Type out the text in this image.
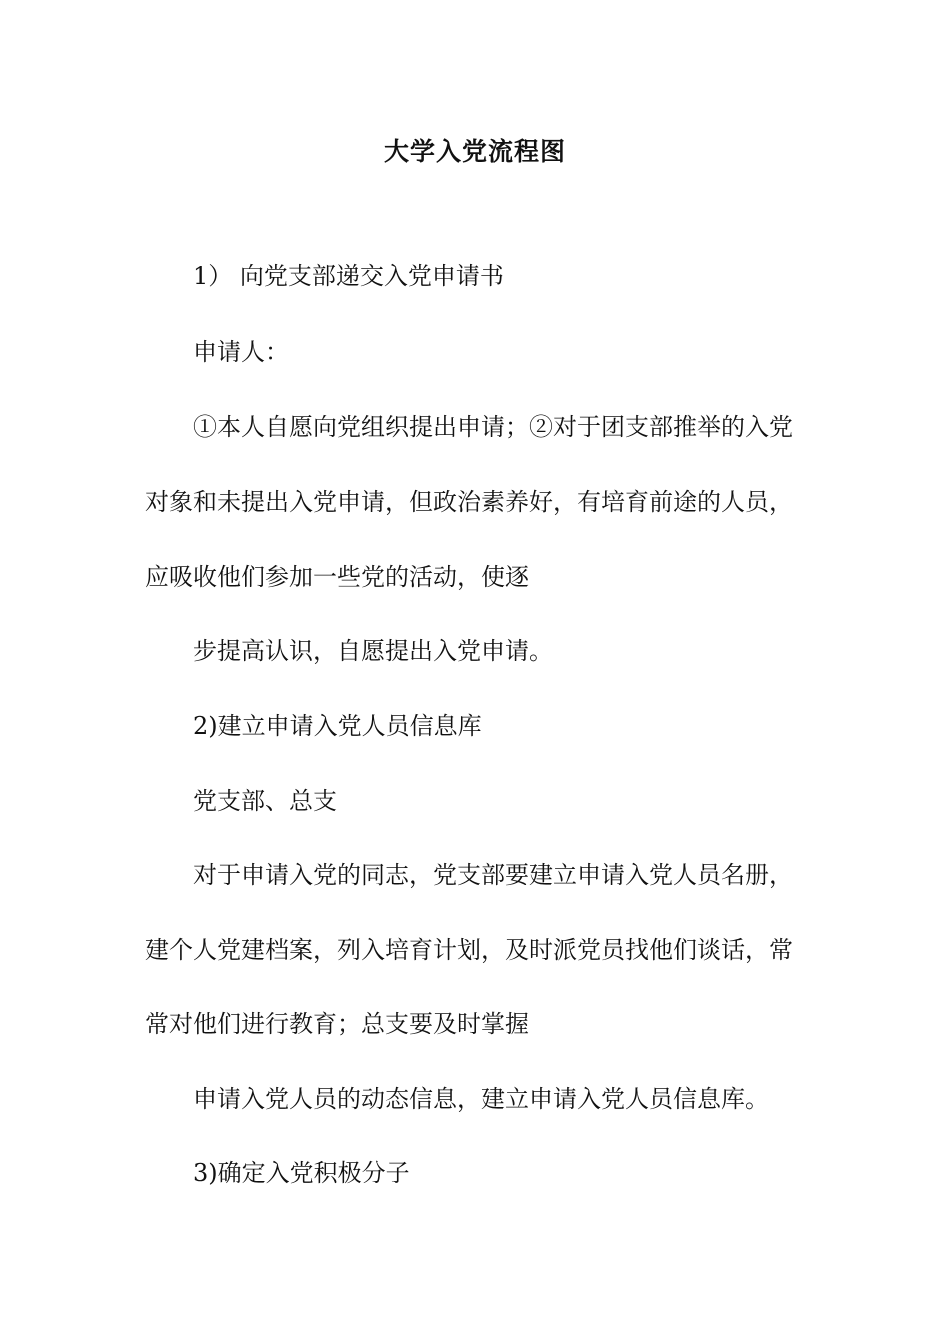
大学入党流程图
1） 向党支部递交入党申请书
申请人：
①本人自愿向党组织提出申请；②对于团支部推举的入党
对象和未提出入党申请，但政治素养好，有培育前途的人员，
应吸收他们参加一些党的活动，使逐
步提高认识，自愿提出入党申请。
2)建立申请入党人员信息库
党支部、总支
对于申请入党的同志，党支部要建立申请入党人员名册，
建个人党建档案，列入培育计划，及时派党员找他们谈话，常
常对他们进行教育；总支要及时掌握
申请入党人员的动态信息，建立申请入党人员信息库。
3)确定入党积极分子
